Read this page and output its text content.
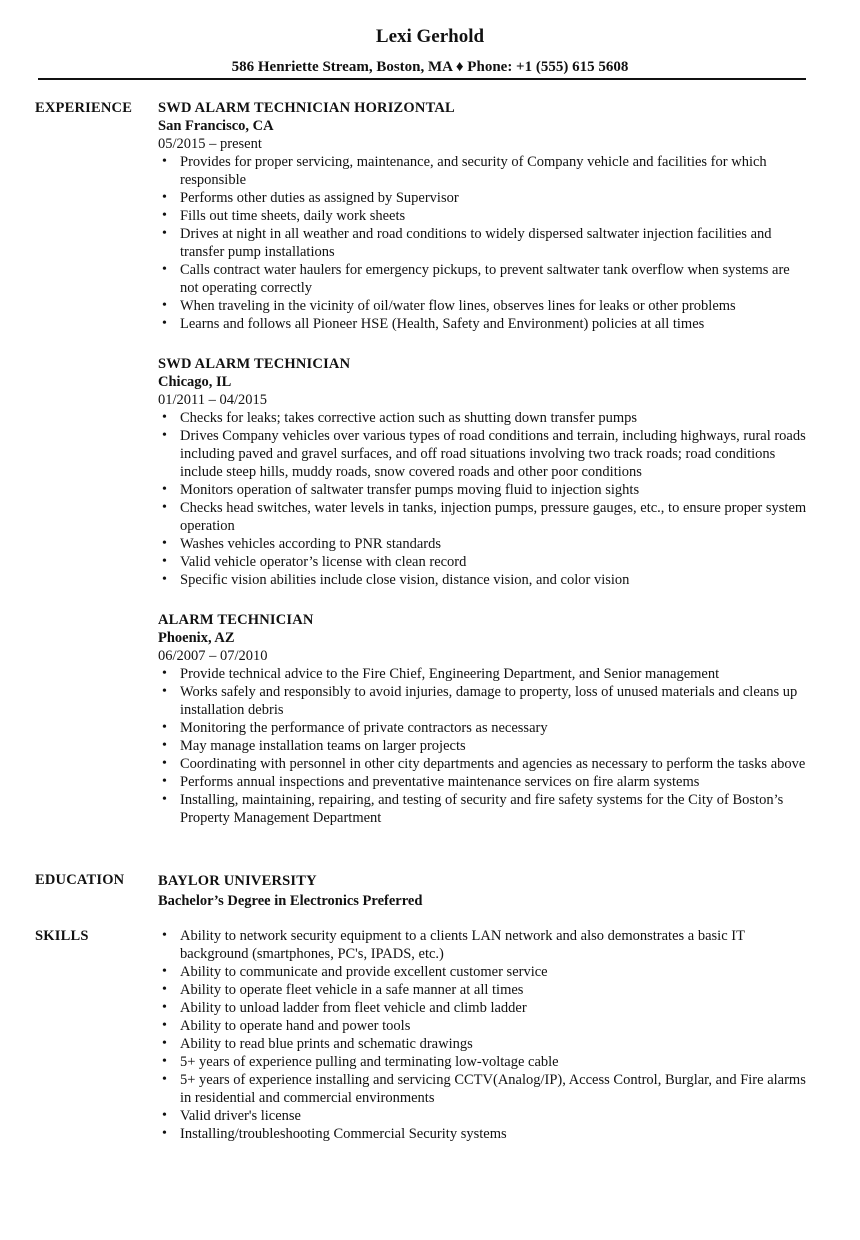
Lexi Gerhold
586 Henriette Stream, Boston, MA ♦ Phone: +1 (555) 615 5608
EXPERIENCE SWD ALARM TECHNICIAN HORIZONTAL
San Francisco, CA
05/2015 – present
• Provides for proper servicing, maintenance, and security of Company vehicle and facilities for which responsible
• Performs other duties as assigned by Supervisor
• Fills out time sheets, daily work sheets
• Drives at night in all weather and road conditions to widely dispersed saltwater injection facilities and transfer pump installations
• Calls contract water haulers for emergency pickups, to prevent saltwater tank overflow when systems are not operating correctly
• When traveling in the vicinity of oil/water flow lines, observes lines for leaks or other problems
• Learns and follows all Pioneer HSE (Health, Safety and Environment) policies at all times
SWD ALARM TECHNICIAN
Chicago, IL
01/2011 – 04/2015
• Checks for leaks; takes corrective action such as shutting down transfer pumps
• Drives Company vehicles over various types of road conditions and terrain, including highways, rural roads including paved and gravel surfaces, and off road situations involving two track roads; road conditions include steep hills, muddy roads, snow covered roads and other poor conditions
• Monitors operation of saltwater transfer pumps moving fluid to injection sights
• Checks head switches, water levels in tanks, injection pumps, pressure gauges, etc., to ensure proper system operation
• Washes vehicles according to PNR standards
• Valid vehicle operator’s license with clean record
• Specific vision abilities include close vision, distance vision, and color vision
ALARM TECHNICIAN
Phoenix, AZ
06/2007 – 07/2010
• Provide technical advice to the Fire Chief, Engineering Department, and Senior management
• Works safely and responsibly to avoid injuries, damage to property, loss of unused materials and cleans up installation debris
• Monitoring the performance of private contractors as necessary
• May manage installation teams on larger projects
• Coordinating with personnel in other city departments and agencies as necessary to perform the tasks above
• Performs annual inspections and preventative maintenance services on fire alarm systems
• Installing, maintaining, repairing, and testing of security and fire safety systems for the City of Boston’s Property Management Department
EDUCATION BAYLOR UNIVERSITY
Bachelor’s Degree in Electronics Preferred
SKILLS	• Ability to network security equipment to a clients LAN network and also demonstrates a basic IT background (smartphones, PC's, IPADS, etc.)
• Ability to communicate and provide excellent customer service
• Ability to operate fleet vehicle in a safe manner at all times
• Ability to unload ladder from fleet vehicle and climb ladder
• Ability to operate hand and power tools
• Ability to read blue prints and schematic drawings
• 5+ years of experience pulling and terminating low-voltage cable
• 5+ years of experience installing and servicing CCTV(Analog/IP), Access Control, Burglar, and Fire alarms in residential and commercial environments
• Valid driver's license
• Installing/troubleshooting Commercial Security systems
